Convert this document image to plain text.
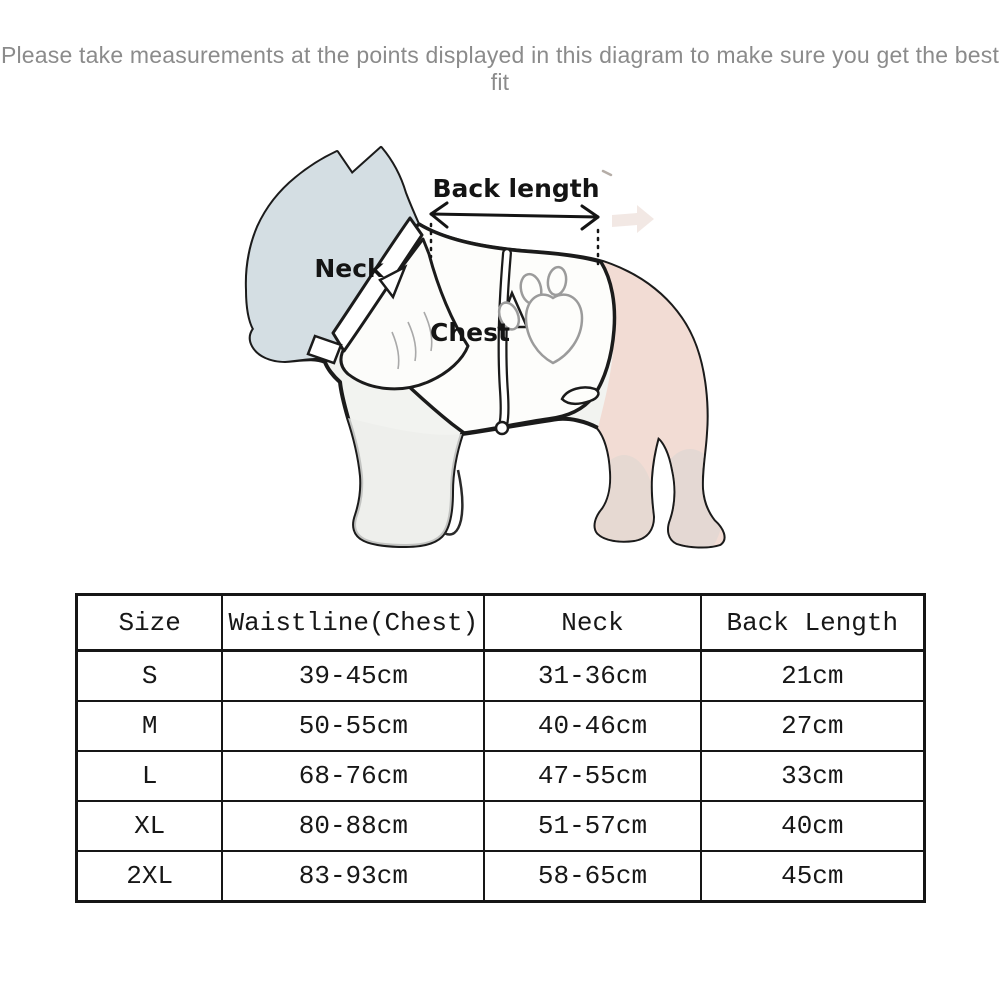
Please take measurements at the points displayed in this diagram to make sure you get the best fit
Back length
Neck
Chest
Size	Waistline(Chest)	Neck	Back Length
S	39-45cm	31-36cm	21cm
M	50-55cm	40-46cm	27cm
L	68-76cm	47-55cm	33cm
XL	80-88cm	51-57cm	40cm
2XL	83-93cm	58-65cm	45cm
